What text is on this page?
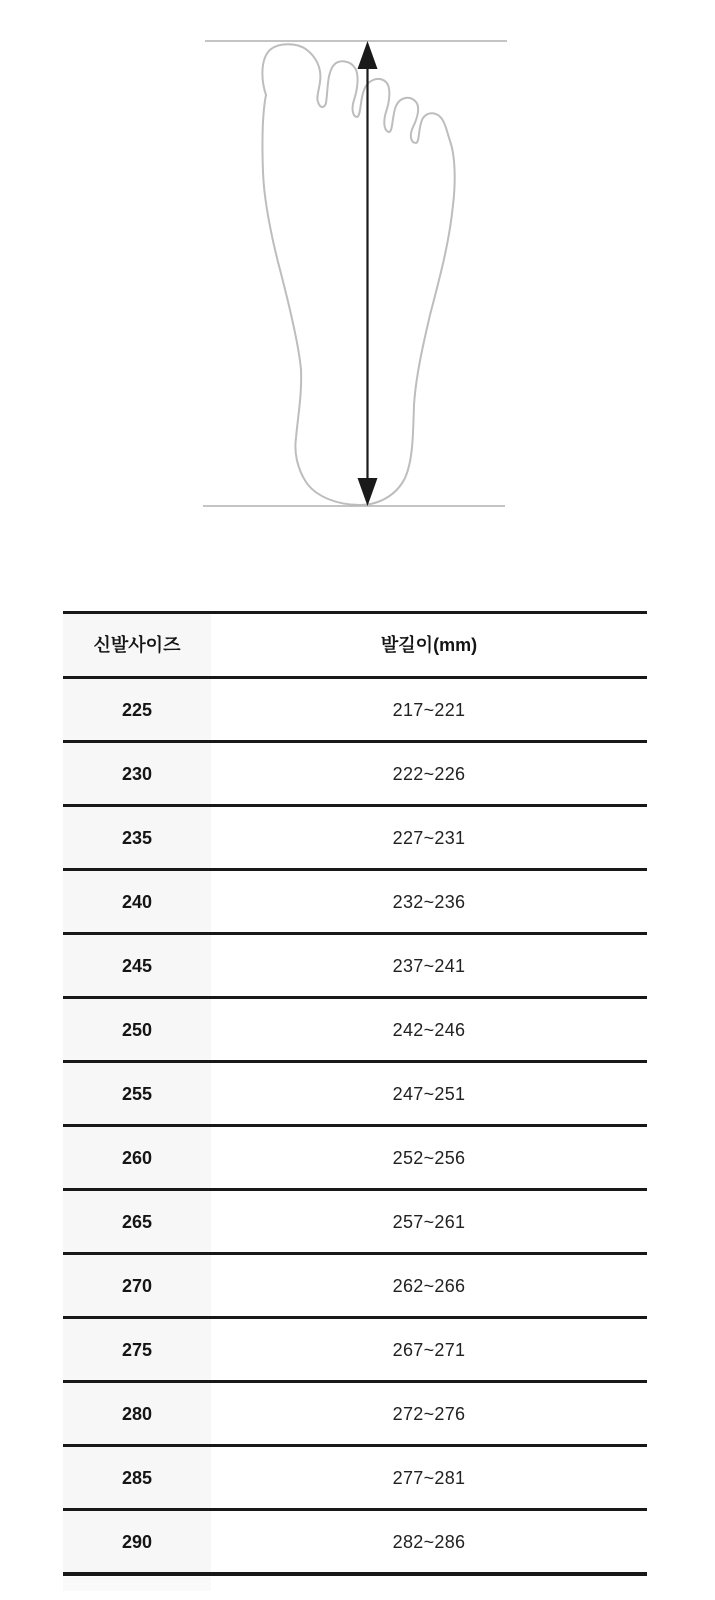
신발사이즈	발길이(mm)
225	217~221
230	222~226
235	227~231
240	232~236
245	237~241
250	242~246
255	247~251
260	252~256
265	257~261
270	262~266
275	267~271
280	272~276
285	277~281
290	282~286
